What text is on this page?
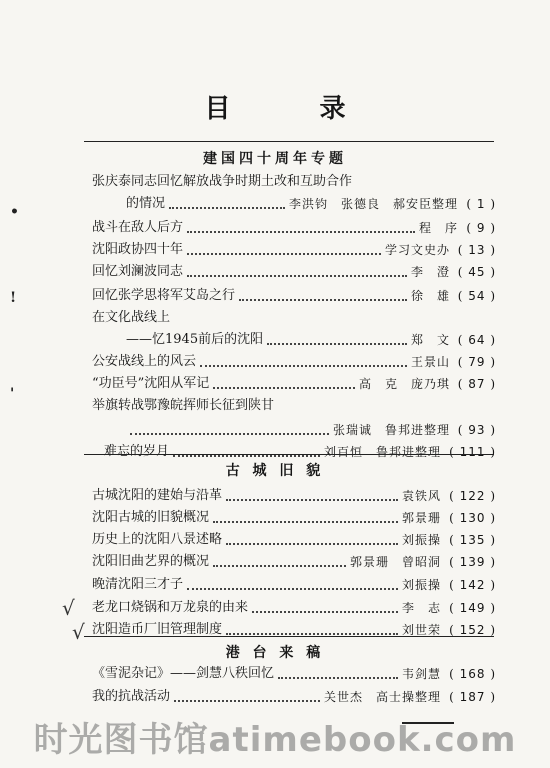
目 录
•
!
'
建国四十周年专题
张庆泰同志回忆解放战争时期土改和互助合作
的情况	李洪钧　张德良　郝安臣整理 ( 1 )
战斗在敌人后方	程　序 ( 9 )
沈阳政协四十年	学习文史办 ( 13 )
回忆刘澜波同志	李　澄 ( 45 )
回忆张学思将军艾岛之行	徐　雄 ( 54 )
在文化战线上
——忆1945前后的沈阳	郑　文 ( 64 )
公安战线上的风云	王景山 ( 79 )
“功臣号”沈阳从军记	高　克　庞乃琪 ( 87 )
举旗转战鄂豫皖挥师长征到陕甘
张瑞诚　鲁邦进整理 ( 93 )
难忘的岁月	刘百恒　鲁邦进整理 ( 111 )
古城沈阳的建始与沿革	袁铁风 ( 122 )
沈阳古城的旧貌概况	郭景珊 ( 130 )
历史上的沈阳八景述略	刘振操 ( 135 )
沈阳旧曲艺界的概况	郭景珊　曾昭洞 ( 139 )
晚清沈阳三才子	刘振操 ( 142 )
老龙口烧锅和万龙泉的由来	李　志 ( 149 )
沈阳造币厂旧管理制度	刘世荣 ( 152 )
《雪泥杂记》——剑慧八秩回忆	韦剑慧 ( 168 )
我的抗战活动	关世杰　高士操整理 ( 187 )
古 城 旧 貌
港 台 来 稿
√
√
时光图书馆atimebook.com
